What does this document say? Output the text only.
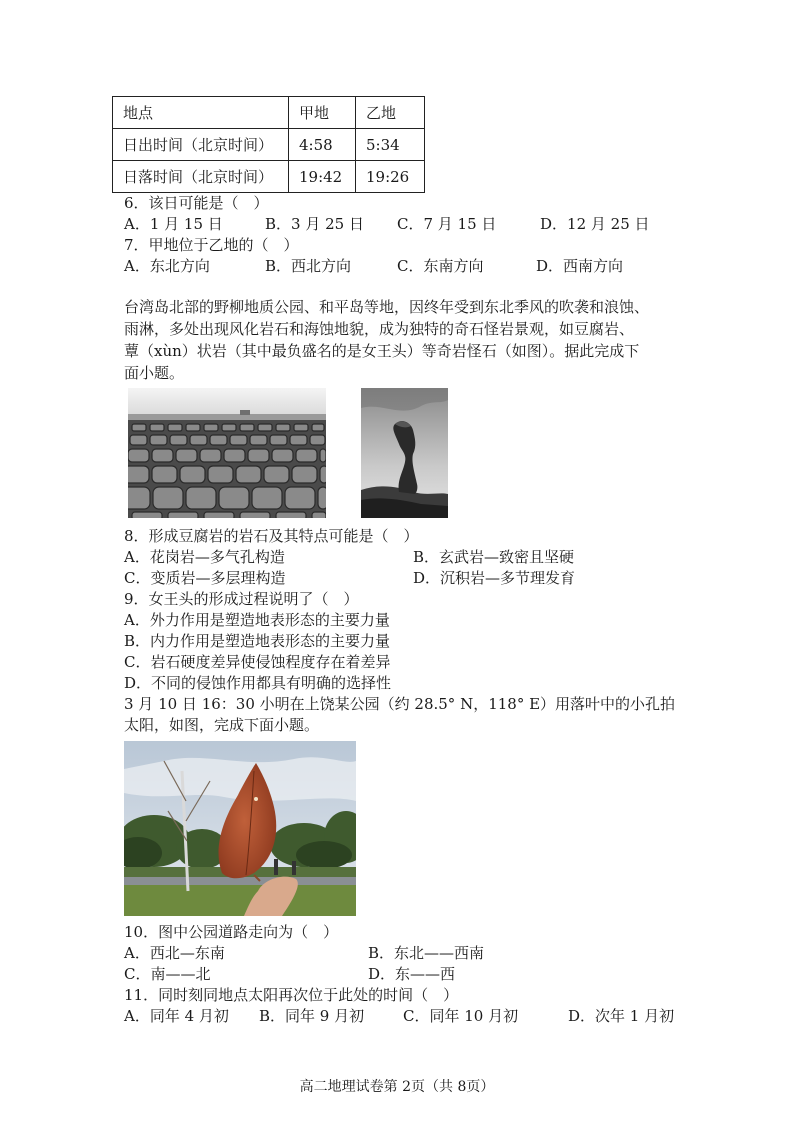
地点	甲地	乙地
日出时间（北京时间）	4:58	5:34
日落时间（北京时间）	19:42	19:26
6．该日可能是（　）
A．1 月 15 日	B．3 月 25 日 C．7 月 15 日	D．12 月 25 日
7．甲地位于乙地的（　）
A．东北方向	B．西北方向	C．东南方向	D．西南方向
台湾岛北部的野柳地质公园、和平岛等地，因终年受到东北季风的吹袭和浪蚀、
雨淋，多处出现风化岩石和海蚀地貌，成为独特的奇石怪岩景观，如豆腐岩、
蕈（xùn）状岩（其中最负盛名的是女王头）等奇岩怪石（如图）。据此完成下
面小题。
8．形成豆腐岩的岩石及其特点可能是（　）
A．花岗岩—多气孔构造	B．玄武岩—致密且坚硬
C．变质岩—多层理构造	D．沉积岩—多节理发育
9．女王头的形成过程说明了（　）
A．外力作用是塑造地表形态的主要力量
B．内力作用是塑造地表形态的主要力量
C．岩石硬度差异使侵蚀程度存在着差异
D．不同的侵蚀作用都具有明确的选择性
3 月 10 日 16：30 小明在上饶某公园（约 28.5° N，118° E）用落叶中的小孔拍
太阳，如图，完成下面小题。
10．图中公园道路走向为（　）
A．西北—东南	B．东北——西南
C．南——北	D．东——西
11．同时刻同地点太阳再次位于此处的时间（　）
A．同年 4 月初 B．同年 9 月初	C．同年 10 月初	D．次年 1 月初
高二地理试卷第 2页（共 8页）
